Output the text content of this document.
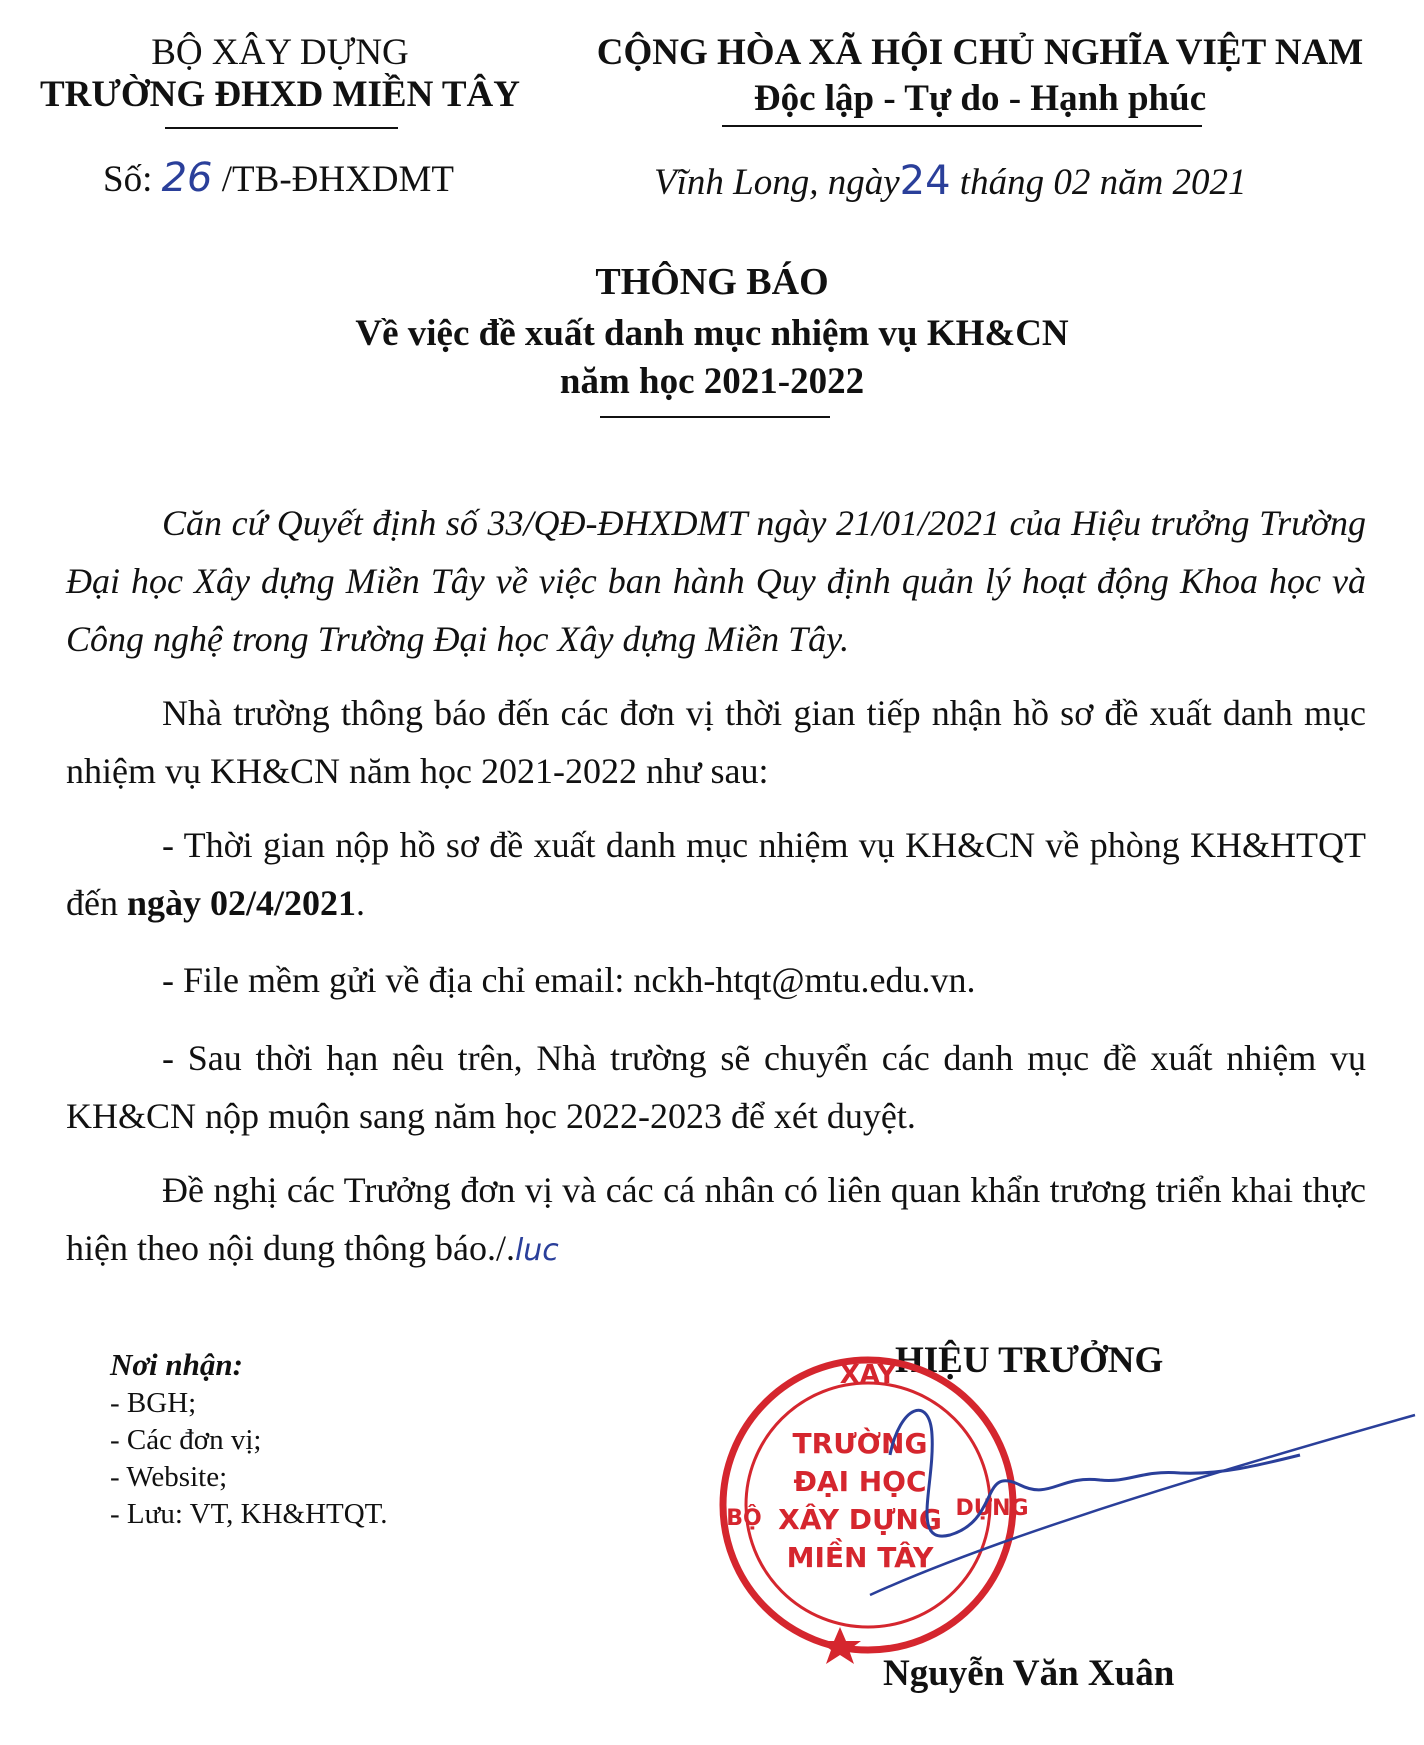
BỘ XÂY DỰNG
TRƯỜNG ĐHXD MIỀN TÂY
Số: 26 /TB-ĐHXDMT
CỘNG HÒA XÃ HỘI CHỦ NGHĨA VIỆT NAM
Độc lập - Tự do - Hạnh phúc
Vĩnh Long, ngày24 tháng 02 năm 2021
THÔNG BÁO
Về việc đề xuất danh mục nhiệm vụ KH&CN
năm học 2021-2022
Căn cứ Quyết định số 33/QĐ-ĐHXDMT ngày 21/01/2021 của Hiệu trưởng Trường Đại học Xây dựng Miền Tây về việc ban hành Quy định quản lý hoạt động Khoa học và Công nghệ trong Trường Đại học Xây dựng Miền Tây.
Nhà trường thông báo đến các đơn vị thời gian tiếp nhận hồ sơ đề xuất danh mục nhiệm vụ KH&CN năm học 2021-2022 như sau:
- Thời gian nộp hồ sơ đề xuất danh mục nhiệm vụ KH&CN về phòng KH&HTQT đến ngày 02/4/2021.
- File mềm gửi về địa chỉ email: nckh-htqt@mtu.edu.vn.
- Sau thời hạn nêu trên, Nhà trường sẽ chuyển các danh mục đề xuất nhiệm vụ KH&CN nộp muộn sang năm học 2022-2023 để xét duyệt.
Đề nghị các Trưởng đơn vị và các cá nhân có liên quan khẩn trương triển khai thực hiện theo nội dung thông báo./.luc
Nơi nhận:
- BGH;
- Các đơn vị;
- Website;
- Lưu: VT, KH&HTQT.
HIỆU TRƯỞNG
XÂY
TRƯỜNG
ĐẠI HỌC
XÂY DỰNG
MIỀN TÂY
BỘ	DỰNG
Nguyễn Văn Xuân
